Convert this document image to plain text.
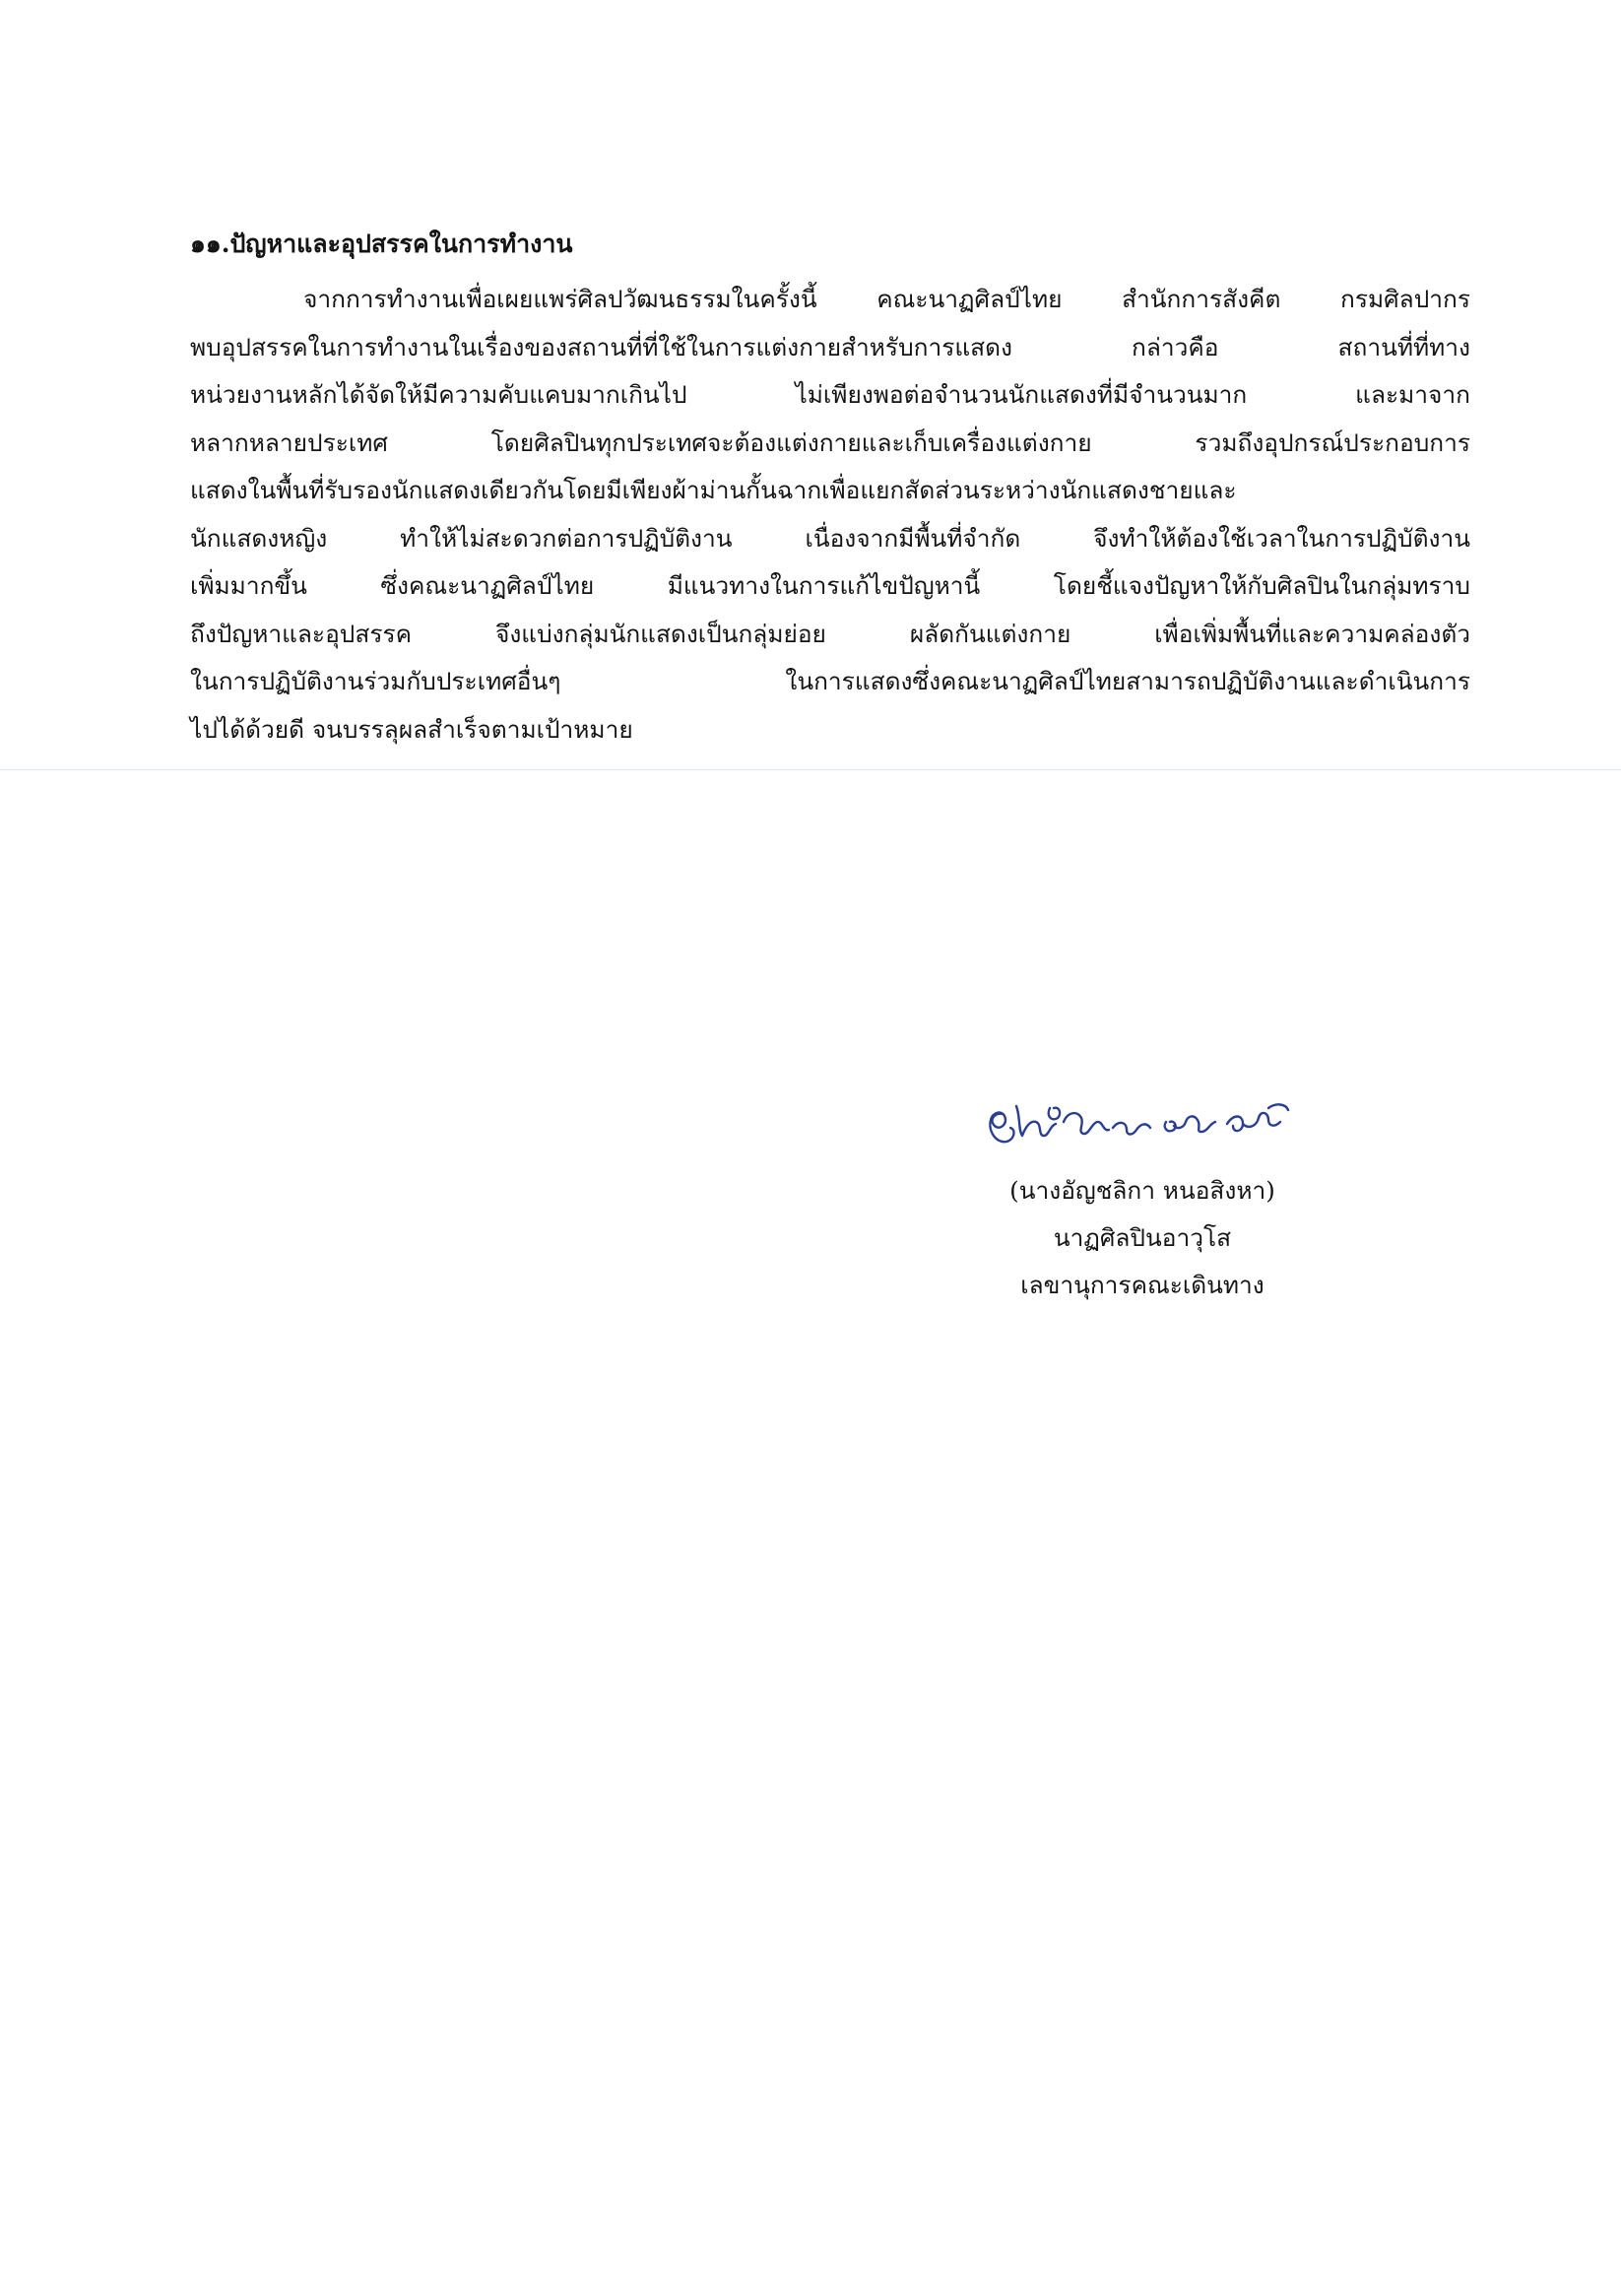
๑๑.ปัญหาและอุปสรรคในการทำงาน
จากการทำงานเพื่อเผยแพร่ศิลปวัฒนธรรมในครั้งนี้ คณะนาฏศิลป์ไทย สำนักการสังคีต กรมศิลปากร
พบอุปสรรคในการทำงานในเรื่องของสถานที่ที่ใช้ในการแต่งกายสำหรับการแสดง กล่าวคือ สถานที่ที่ทาง
หน่วยงานหลักได้จัดให้มีความคับแคบมากเกินไป ไม่เพียงพอต่อจำนวนนักแสดงที่มีจำนวนมาก และมาจาก
หลากหลายประเทศ โดยศิลปินทุกประเทศจะต้องแต่งกายและเก็บเครื่องแต่งกาย รวมถึงอุปกรณ์ประกอบการ
แสดงในพื้นที่รับรองนักแสดงเดียวกันโดยมีเพียงผ้าม่านกั้นฉากเพื่อแยกสัดส่วนระหว่างนักแสดงชายและ
นักแสดงหญิง ทำให้ไม่สะดวกต่อการปฏิบัติงาน เนื่องจากมีพื้นที่จำกัด จึงทำให้ต้องใช้เวลาในการปฏิบัติงาน
เพิ่มมากขึ้น ซึ่งคณะนาฏศิลป์ไทย มีแนวทางในการแก้ไขปัญหานี้ โดยชี้แจงปัญหาให้กับศิลปินในกลุ่มทราบ
ถึงปัญหาและอุปสรรค จึงแบ่งกลุ่มนักแสดงเป็นกลุ่มย่อย ผลัดกันแต่งกาย เพื่อเพิ่มพื้นที่และความคล่องตัว
ในการปฏิบัติงานร่วมกับประเทศอื่นๆ ในการแสดงซึ่งคณะนาฏศิลป์ไทยสามารถปฏิบัติงานและดำเนินการ
ไปได้ด้วยดี จนบรรลุผลสำเร็จตามเป้าหมาย
(นางอัญชลิกา หนอสิงหา)
นาฏศิลปินอาวุโส
เลขานุการคณะเดินทาง
